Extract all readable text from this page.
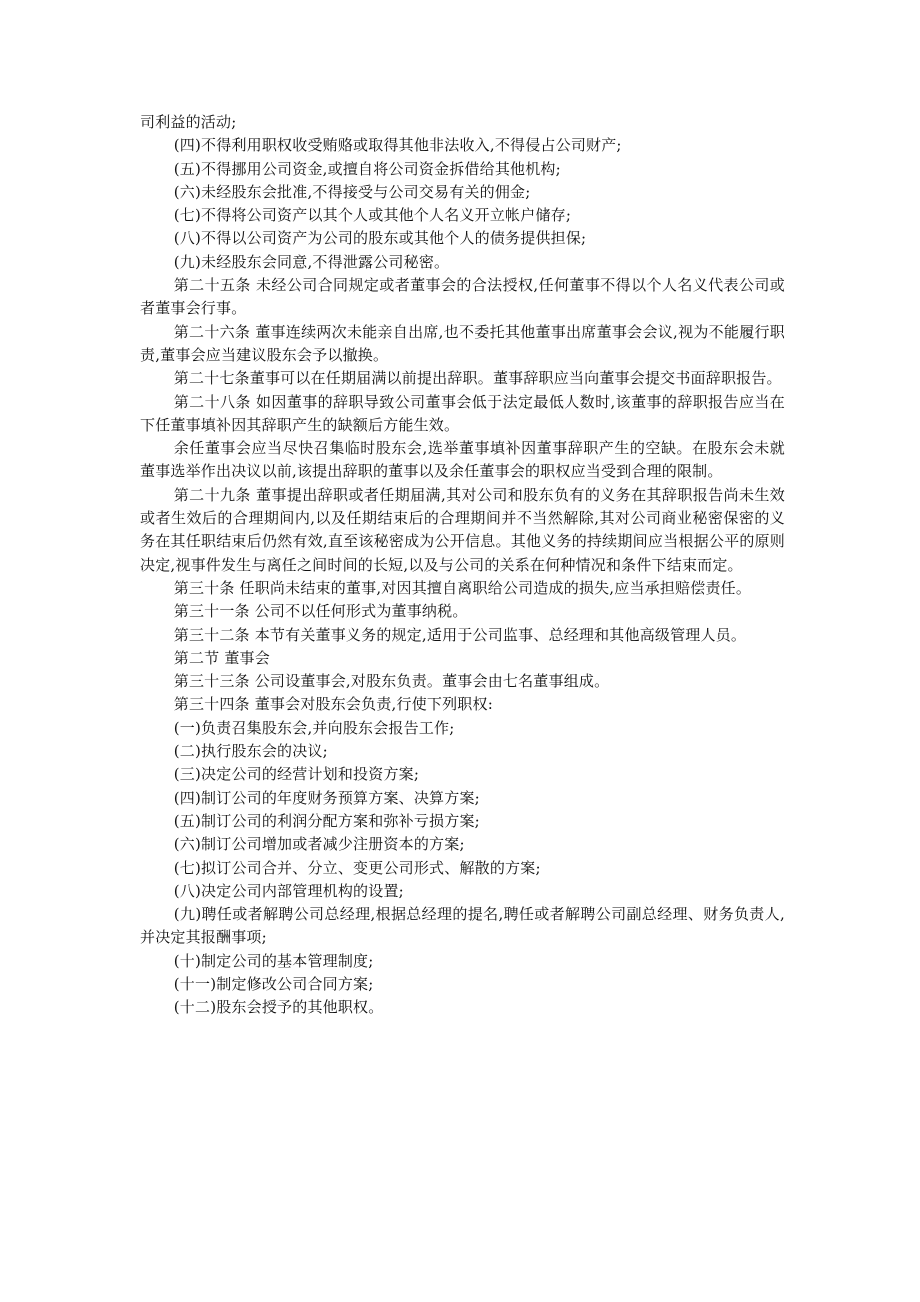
司利益的活动;

(四)不得利用职权收受贿赂或取得其他非法收入,不得侵占公司财产;

(五)不得挪用公司资金,或擅自将公司资金拆借给其他机构;

(六)未经股东会批准,不得接受与公司交易有关的佣金;

(七)不得将公司资产以其个人或其他个人名义开立帐户储存;

(八)不得以公司资产为公司的股东或其他个人的债务提供担保;

(九)未经股东会同意,不得泄露公司秘密。

第二十五条 未经公司合同规定或者董事会的合法授权,任何董事不得以个人名义代表公司或者董事会行事。

第二十六条 董事连续两次未能亲自出席,也不委托其他董事出席董事会会议,视为不能履行职责,董事会应当建议股东会予以撤换。

第二十七条董事可以在任期届满以前提出辞职。董事辞职应当向董事会提交书面辞职报告。

第二十八条 如因董事的辞职导致公司董事会低于法定最低人数时,该董事的辞职报告应当在下任董事填补因其辞职产生的缺额后方能生效。

余任董事会应当尽快召集临时股东会,选举董事填补因董事辞职产生的空缺。在股东会未就董事选举作出决议以前,该提出辞职的董事以及余任董事会的职权应当受到合理的限制。

第二十九条 董事提出辞职或者任期届满,其对公司和股东负有的义务在其辞职报告尚未生效或者生效后的合理期间内,以及任期结束后的合理期间并不当然解除,其对公司商业秘密保密的义务在其任职结束后仍然有效,直至该秘密成为公开信息。其他义务的持续期间应当根据公平的原则决定,视事件发生与离任之间时间的长短,以及与公司的关系在何种情况和条件下结束而定。

第三十条 任职尚未结束的董事,对因其擅自离职给公司造成的损失,应当承担赔偿责任。

第三十一条 公司不以任何形式为董事纳税。

第三十二条 本节有关董事义务的规定,适用于公司监事、总经理和其他高级管理人员。

第二节 董事会

第三十三条 公司设董事会,对股东负责。董事会由七名董事组成。

第三十四条 董事会对股东会负责,行使下列职权:

(一)负责召集股东会,并向股东会报告工作;

(二)执行股东会的决议;

(三)决定公司的经营计划和投资方案;

(四)制订公司的年度财务预算方案、决算方案;

(五)制订公司的利润分配方案和弥补亏损方案;

(六)制订公司增加或者减少注册资本的方案;

(七)拟订公司合并、分立、变更公司形式、解散的方案;

(八)决定公司内部管理机构的设置;

(九)聘任或者解聘公司总经理,根据总经理的提名,聘任或者解聘公司副总经理、财务负责人,并决定其报酬事项;

(十)制定公司的基本管理制度;

(十一)制定修改公司合同方案;

(十二)股东会授予的其他职权。
